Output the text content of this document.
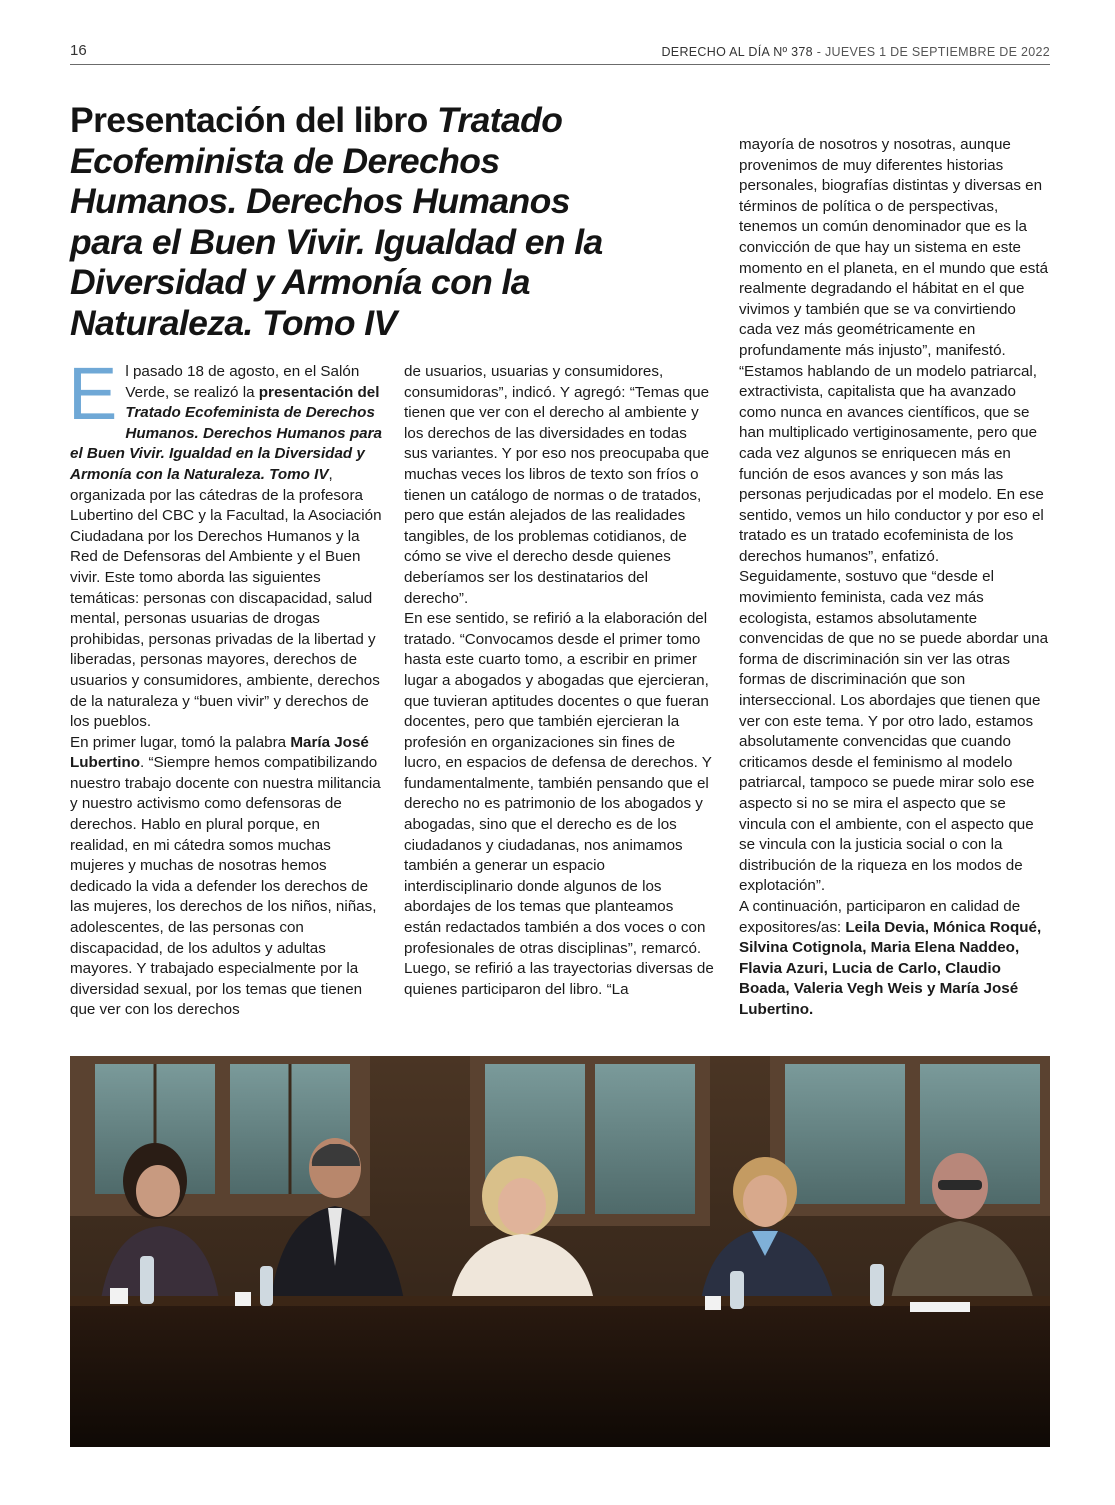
16	DERECHO AL DÍA Nº 378 - JUEVES 1 DE SEPTIEMBRE DE 2022
Presentación del libro Tratado Ecofeminista de Derechos Humanos. Derechos Humanos para el Buen Vivir. Igualdad en la Diversidad y Armonía con la Naturaleza. Tomo IV

El pasado 18 de agosto, en el Salón Verde, se realizó la presentación del Tratado Ecofeminista de Derechos Humanos. Derechos Humanos para el Buen Vivir. Igualdad en la Diversidad y Armonía con la Naturaleza. Tomo IV, organizada por las cátedras de la profesora Lubertino del CBC y la Facultad, la Asociación Ciudadana por los Derechos Humanos y la Red de Defensoras del Ambiente y el Buen vivir. Este tomo aborda las siguientes temáticas: personas con discapacidad, salud mental, personas usuarias de drogas prohibidas, personas privadas de la libertad y liberadas, personas mayores, derechos de usuarios y consumidores, ambiente, derechos de la naturaleza y “buen vivir” y derechos de los pueblos.

En primer lugar, tomó la palabra María José Lubertino. “Siempre hemos compatibilizando nuestro trabajo docente con nuestra militancia y nuestro activismo como defensoras de derechos. Hablo en plural porque, en realidad, en mi cátedra somos muchas mujeres y muchas de nosotras hemos dedicado la vida a defender los derechos de las mujeres, los derechos de los niños, niñas, adolescentes, de las personas con discapacidad, de los adultos y adultas mayores. Y trabajado especialmente por la diversidad sexual, por los temas que tienen que ver con los derechos

de usuarios, usuarias y consumidores, consumidoras”, indicó. Y agregó: “Temas que tienen que ver con el derecho al ambiente y los derechos de las diversidades en todas sus variantes. Y por eso nos preocupaba que muchas veces los libros de texto son fríos o tienen un catálogo de normas o de tratados, pero que están alejados de las realidades tangibles, de los problemas cotidianos, de cómo se vive el derecho desde quienes deberíamos ser los destinatarios del derecho”.

En ese sentido, se refirió a la elaboración del tratado. “Convocamos desde el primer tomo hasta este cuarto tomo, a escribir en primer lugar a abogados y abogadas que ejercieran, que tuvieran aptitudes docentes o que fueran docentes, pero que también ejercieran la profesión en organizaciones sin fines de lucro, en espacios de defensa de derechos. Y fundamentalmente, también pensando que el derecho no es patrimonio de los abogados y abogadas, sino que el derecho es de los ciudadanos y ciudadanas, nos animamos también a generar un espacio interdisciplinario donde algunos de los abordajes de los temas que planteamos están redactados también a dos voces o con profesionales de otras disciplinas”, remarcó.

Luego, se refirió a las trayectorias diversas de quienes participaron del libro. “La

mayoría de nosotros y nosotras, aunque provenimos de muy diferentes historias personales, biografías distintas y diversas en términos de política o de perspectivas, tenemos un común denominador que es la convicción de que hay un sistema en este momento en el planeta, en el mundo que está realmente degradando el hábitat en el que vivimos y también que se va convirtiendo cada vez más geométricamente en profundamente más injusto”, manifestó. “Estamos hablando de un modelo patriarcal, extractivista, capitalista que ha avanzado como nunca en avances científicos, que se han multiplicado vertiginosamente, pero que cada vez algunos se enriquecen más en función de esos avances y son más las personas perjudicadas por el modelo. En ese sentido, vemos un hilo conductor y por eso el tratado es un tratado ecofeminista de los derechos humanos”, enfatizó.

Seguidamente, sostuvo que “desde el movimiento feminista, cada vez más ecologista, estamos absolutamente convencidas de que no se puede abordar una forma de discriminación sin ver las otras formas de discriminación que son interseccional. Los abordajes que tienen que ver con este tema. Y por otro lado, estamos absolutamente convencidas que cuando criticamos desde el feminismo al modelo patriarcal, tampoco se puede mirar solo ese aspecto si no se mira el aspecto que se vincula con el ambiente, con el aspecto que se vincula con la justicia social o con la distribución de la riqueza en los modos de explotación”.

A continuación, participaron en calidad de expositores/as: Leila Devia, Mónica Roqué, Silvina Cotignola, Maria Elena Naddeo, Flavia Azuri, Lucia de Carlo, Claudio Boada, Valeria Vegh Weis y María José Lubertino.
